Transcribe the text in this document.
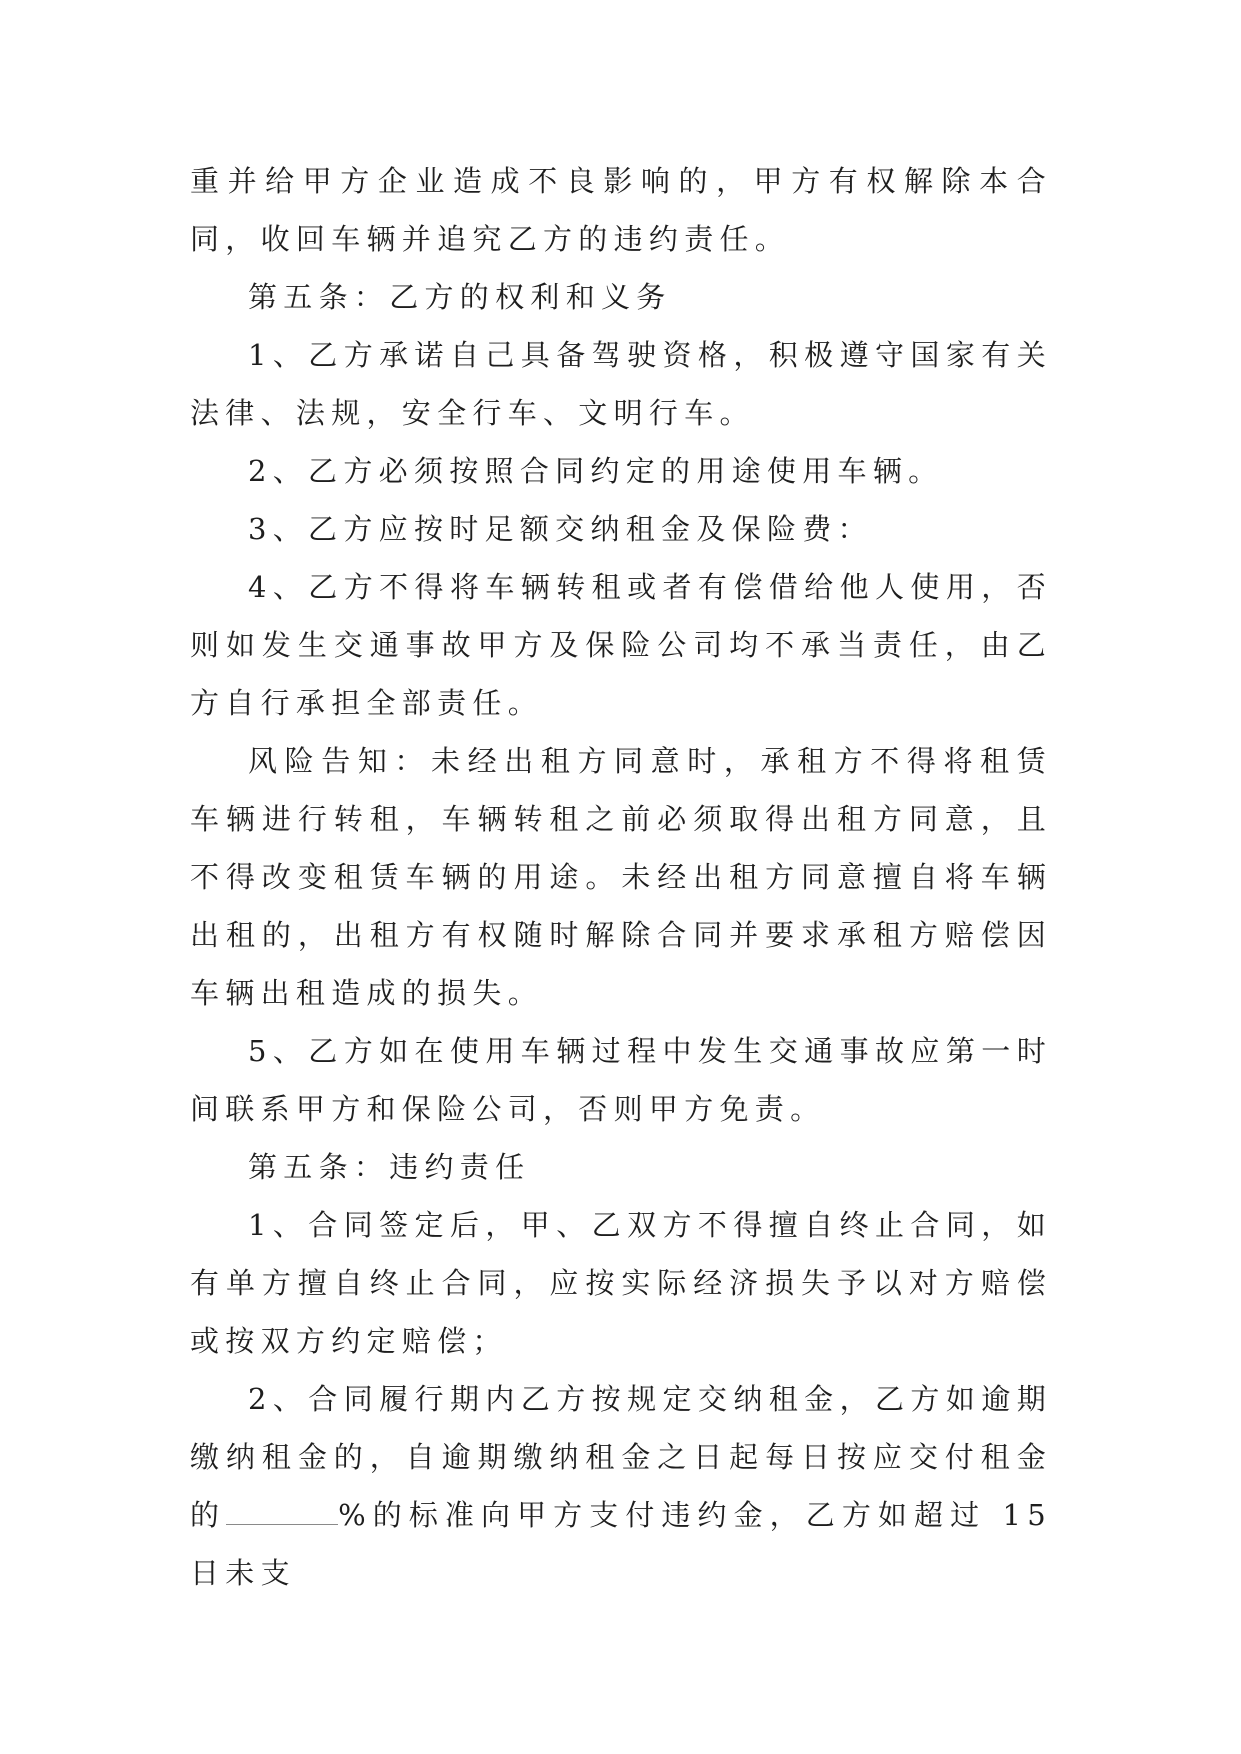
重并给甲方企业造成不良影响的，甲方有权解除本合同，收回车辆并追究乙方的违约责任。

第五条：乙方的权利和义务

1、乙方承诺自己具备驾驶资格，积极遵守国家有关法律、法规，安全行车、文明行车。

2、乙方必须按照合同约定的用途使用车辆。

3、乙方应按时足额交纳租金及保险费：

4、乙方不得将车辆转租或者有偿借给他人使用，否则如发生交通事故甲方及保险公司均不承当责任，由乙方自行承担全部责任。

风险告知：未经出租方同意时，承租方不得将租赁车辆进行转租，车辆转租之前必须取得出租方同意，且不得改变租赁车辆的用途。未经出租方同意擅自将车辆出租的，出租方有权随时解除合同并要求承租方赔偿因车辆出租造成的损失。

5、乙方如在使用车辆过程中发生交通事故应第一时间联系甲方和保险公司，否则甲方免责。

第五条：违约责任

1、合同签定后，甲、乙双方不得擅自终止合同，如有单方擅自终止合同，应按实际经济损失予以对方赔偿或按双方约定赔偿；

2、合同履行期内乙方按规定交纳租金，乙方如逾期缴纳租金的，自逾期缴纳租金之日起每日按应交付租金的	%的标准向甲方支付违约金，乙方如超过 15 日未支
